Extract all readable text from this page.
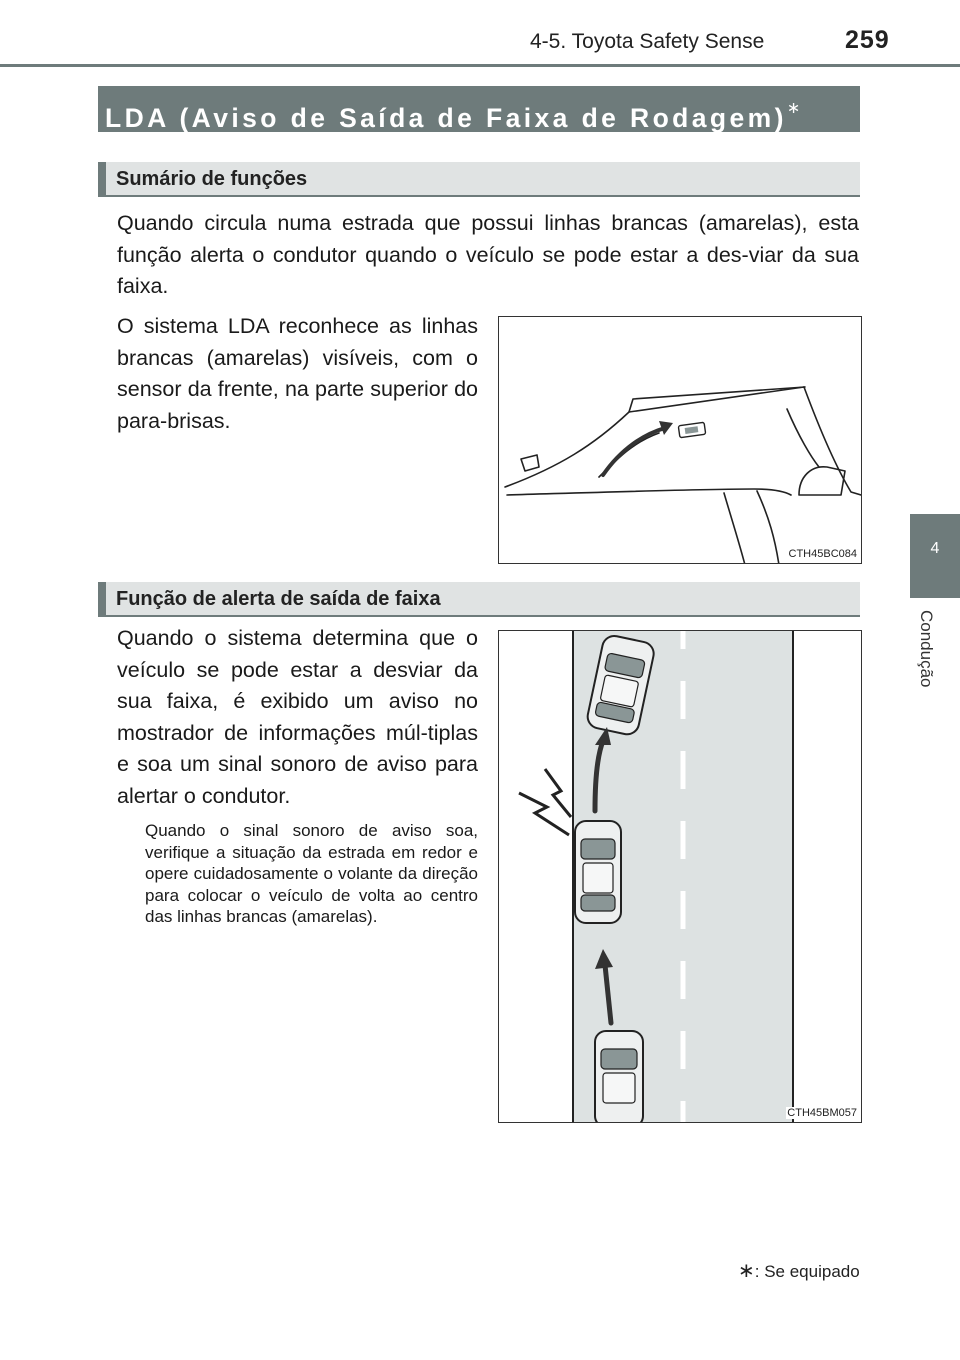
4-5. Toyota Safety Sense	259
4
Condução
LDA (Aviso de Saída de Faixa de Rodagem)∗
Sumário de funções

Quando circula numa estrada que possui linhas brancas (amarelas), esta função alerta o condutor quando o veículo se pode estar a des-viar da sua faixa.

O sistema LDA reconhece as linhas brancas (amarelas) visíveis, com o sensor da frente, na parte superior do para-brisas.

CTH45BC084
Função de alerta de saída de faixa

Quando o sistema determina que o veículo se pode estar a desviar da sua faixa, é exibido um aviso no mostrador de informações múl-tiplas e soa um sinal sonoro de aviso para alertar o condutor.

Quando o sinal sonoro de aviso soa, verifique a situação da estrada em redor e opere cuidadosamente o volante da direção para colocar o veículo de volta ao centro das linhas brancas (amarelas).

CTH45BM057
∗: Se equipado
